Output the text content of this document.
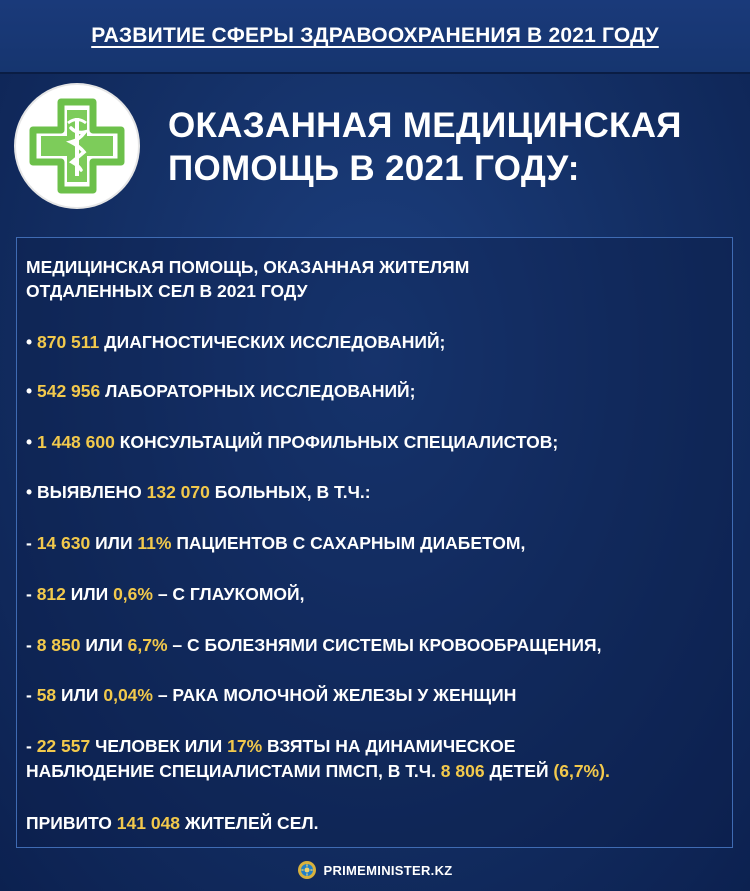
РАЗВИТИЕ СФЕРЫ ЗДРАВООХРАНЕНИЯ В 2021 ГОДУ
ОКАЗАННАЯ МЕДИЦИНСКАЯ
ПОМОЩЬ В 2021 ГОДУ:
МЕДИЦИНСКАЯ ПОМОЩЬ, ОКАЗАННАЯ ЖИТЕЛЯМ
ОТДАЛЕННЫХ СЕЛ В 2021 ГОДУ
• 870 511 ДИАГНОСТИЧЕСКИХ ИССЛЕДОВАНИЙ;
• 542 956 ЛАБОРАТОРНЫХ ИССЛЕДОВАНИЙ;
• 1 448 600 КОНСУЛЬТАЦИЙ ПРОФИЛЬНЫХ СПЕЦИАЛИСТОВ;
• ВЫЯВЛЕНО 132 070 БОЛЬНЫХ, В Т.Ч.:
- 14 630 ИЛИ 11% ПАЦИЕНТОВ С САХАРНЫМ ДИАБЕТОМ,
- 812 ИЛИ 0,6% – С ГЛАУКОМОЙ,
- 8 850 ИЛИ 6,7% – С БОЛЕЗНЯМИ СИСТЕМЫ КРОВООБРАЩЕНИЯ,
- 58 ИЛИ 0,04% – РАКА МОЛОЧНОЙ ЖЕЛЕЗЫ У ЖЕНЩИН
- 22 557 ЧЕЛОВЕК ИЛИ 17% ВЗЯТЫ НА ДИНАМИЧЕСКОЕ
НАБЛЮДЕНИЕ СПЕЦИАЛИСТАМИ ПМСП, В Т.Ч. 8 806 ДЕТЕЙ (6,7%).
ПРИВИТО 141 048 ЖИТЕЛЕЙ СЕЛ.
PRIMEMINISTER.KZ
